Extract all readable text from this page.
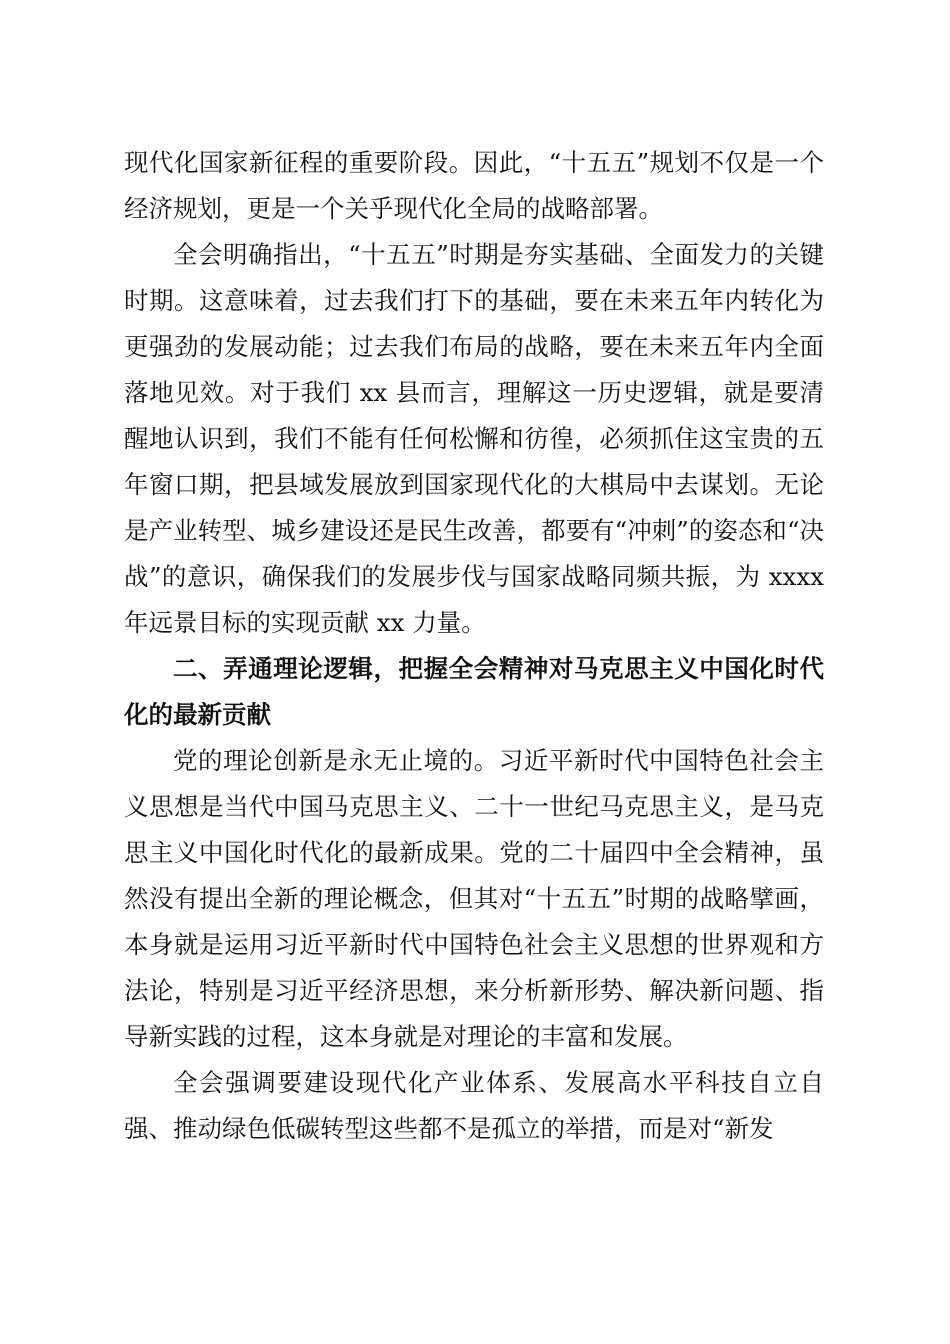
现代化国家新征程的重要阶段。因此，“十五五”规划不仅是一个经济规划，更是一个关乎现代化全局的战略部署。

全会明确指出，“十五五”时期是夯实基础、全面发力的关键时期。这意味着，过去我们打下的基础，要在未来五年内转化为更强劲的发展动能；过去我们布局的战略，要在未来五年内全面落地见效。对于我们 xx 县而言，理解这一历史逻辑，就是要清醒地认识到，我们不能有任何松懈和彷徨，必须抓住这宝贵的五年窗口期，把县域发展放到国家现代化的大棋局中去谋划。无论是产业转型、城乡建设还是民生改善，都要有“冲刺”的姿态和“决战”的意识，确保我们的发展步伐与国家战略同频共振，为 xxxx 年远景目标的实现贡献 xx 力量。

二、弄通理论逻辑，把握全会精神对马克思主义中国化时代化的最新贡献

党的理论创新是永无止境的。习近平新时代中国特色社会主义思想是当代中国马克思主义、二十一世纪马克思主义，是马克思主义中国化时代化的最新成果。党的二十届四中全会精神，虽然没有提出全新的理论概念，但其对“十五五”时期的战略擘画，本身就是运用习近平新时代中国特色社会主义思想的世界观和方法论，特别是习近平经济思想，来分析新形势、解决新问题、指导新实践的过程，这本身就是对理论的丰富和发展。

全会强调要建设现代化产业体系、发展高水平科技自立自强、推动绿色低碳转型这些都不是孤立的举措，而是对“新发
